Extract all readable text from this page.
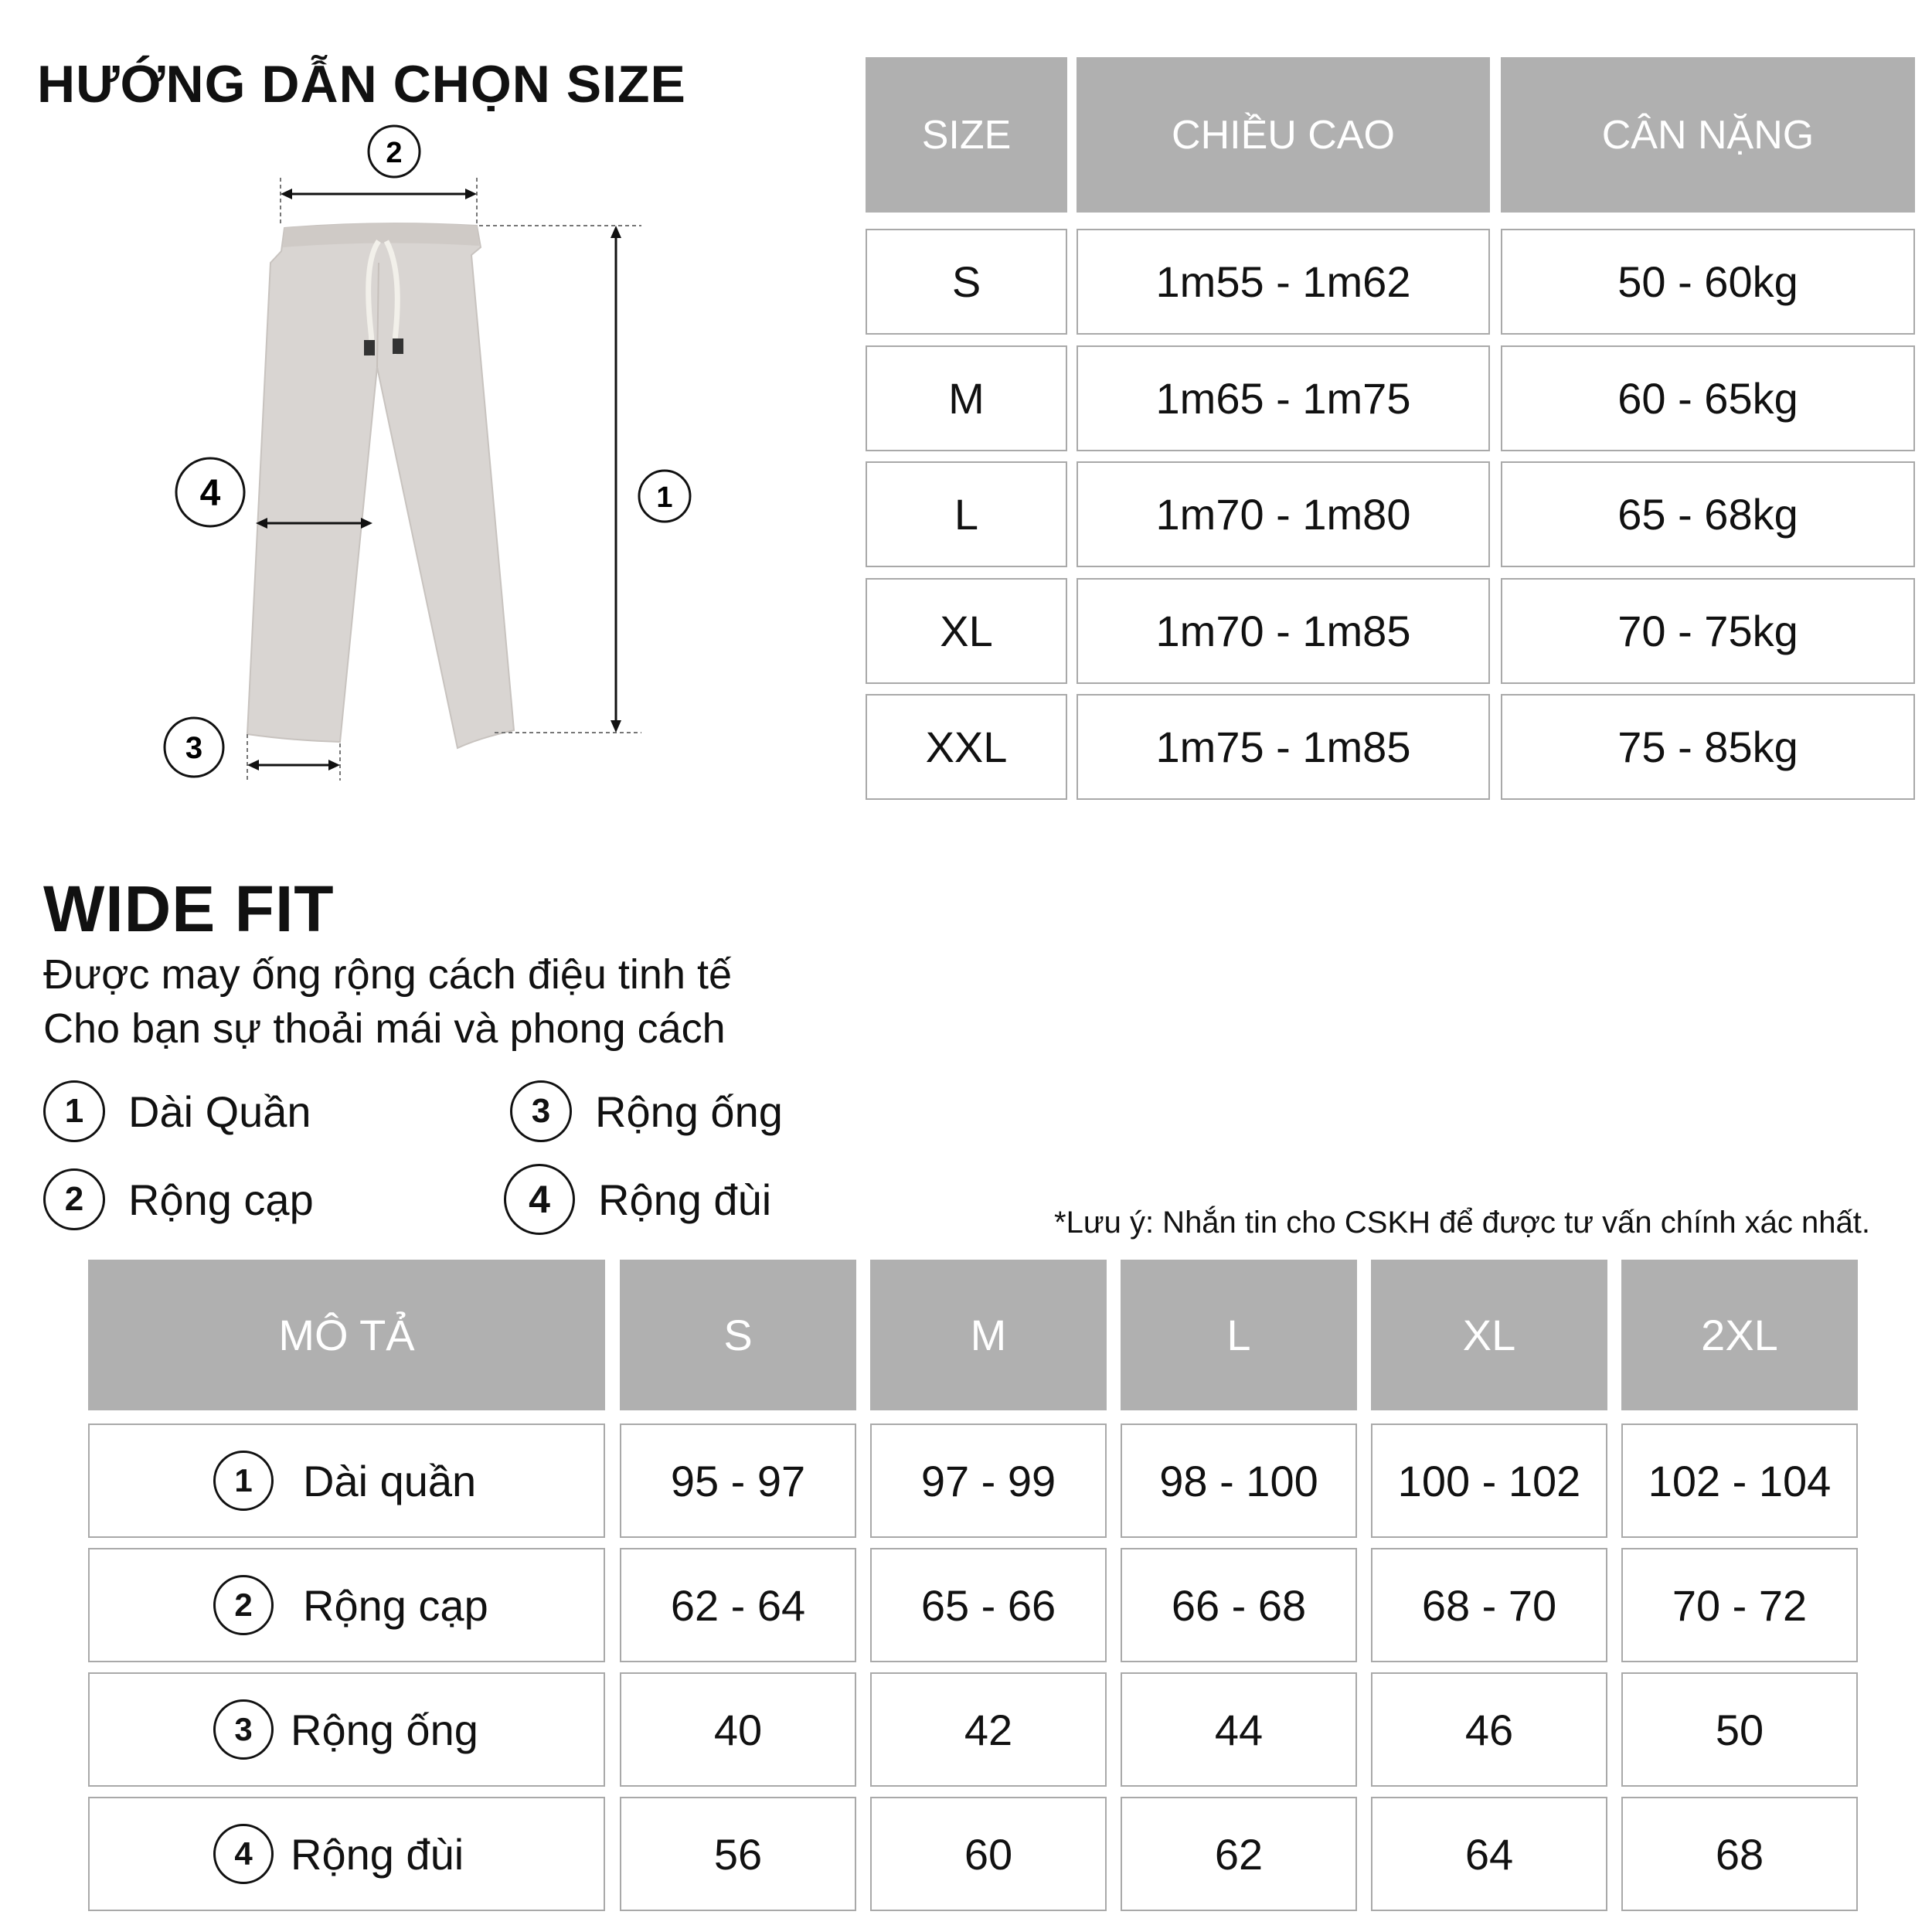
HƯỚNG DẪN CHỌN SIZE
2
1
4
3
SIZE	CHIỀU CAO	CÂN NẶNG
S	1m55 - 1m62	50 - 60kg
M	1m65 - 1m75	60 - 65kg
L	1m70 - 1m80	65 - 68kg
XL	1m70 - 1m85	70 - 75kg
XXL	1m75 - 1m85	75 - 85kg
WIDE FIT
Được may ống rộng cách điệu tinh tế
Cho bạn sự thoải mái và phong cách
1	Dài Quần	3	Rộng ống
2	Rộng cạp	4	Rộng đùi	*Lưu ý: Nhắn tin cho CSKH để được tư vấn chính xác nhất.
MÔ TẢ	S	M	L	XL	2XL
1	Dài quần	95 - 97	97 - 99	98 - 100	100 - 102	102 - 104
2	Rộng cạp	62 - 64	65 - 66	66 - 68	68 - 70	70 - 72
3 Rộng ống	40	42	44	46	50
4 Rộng đùi	56	60	62	64	68
